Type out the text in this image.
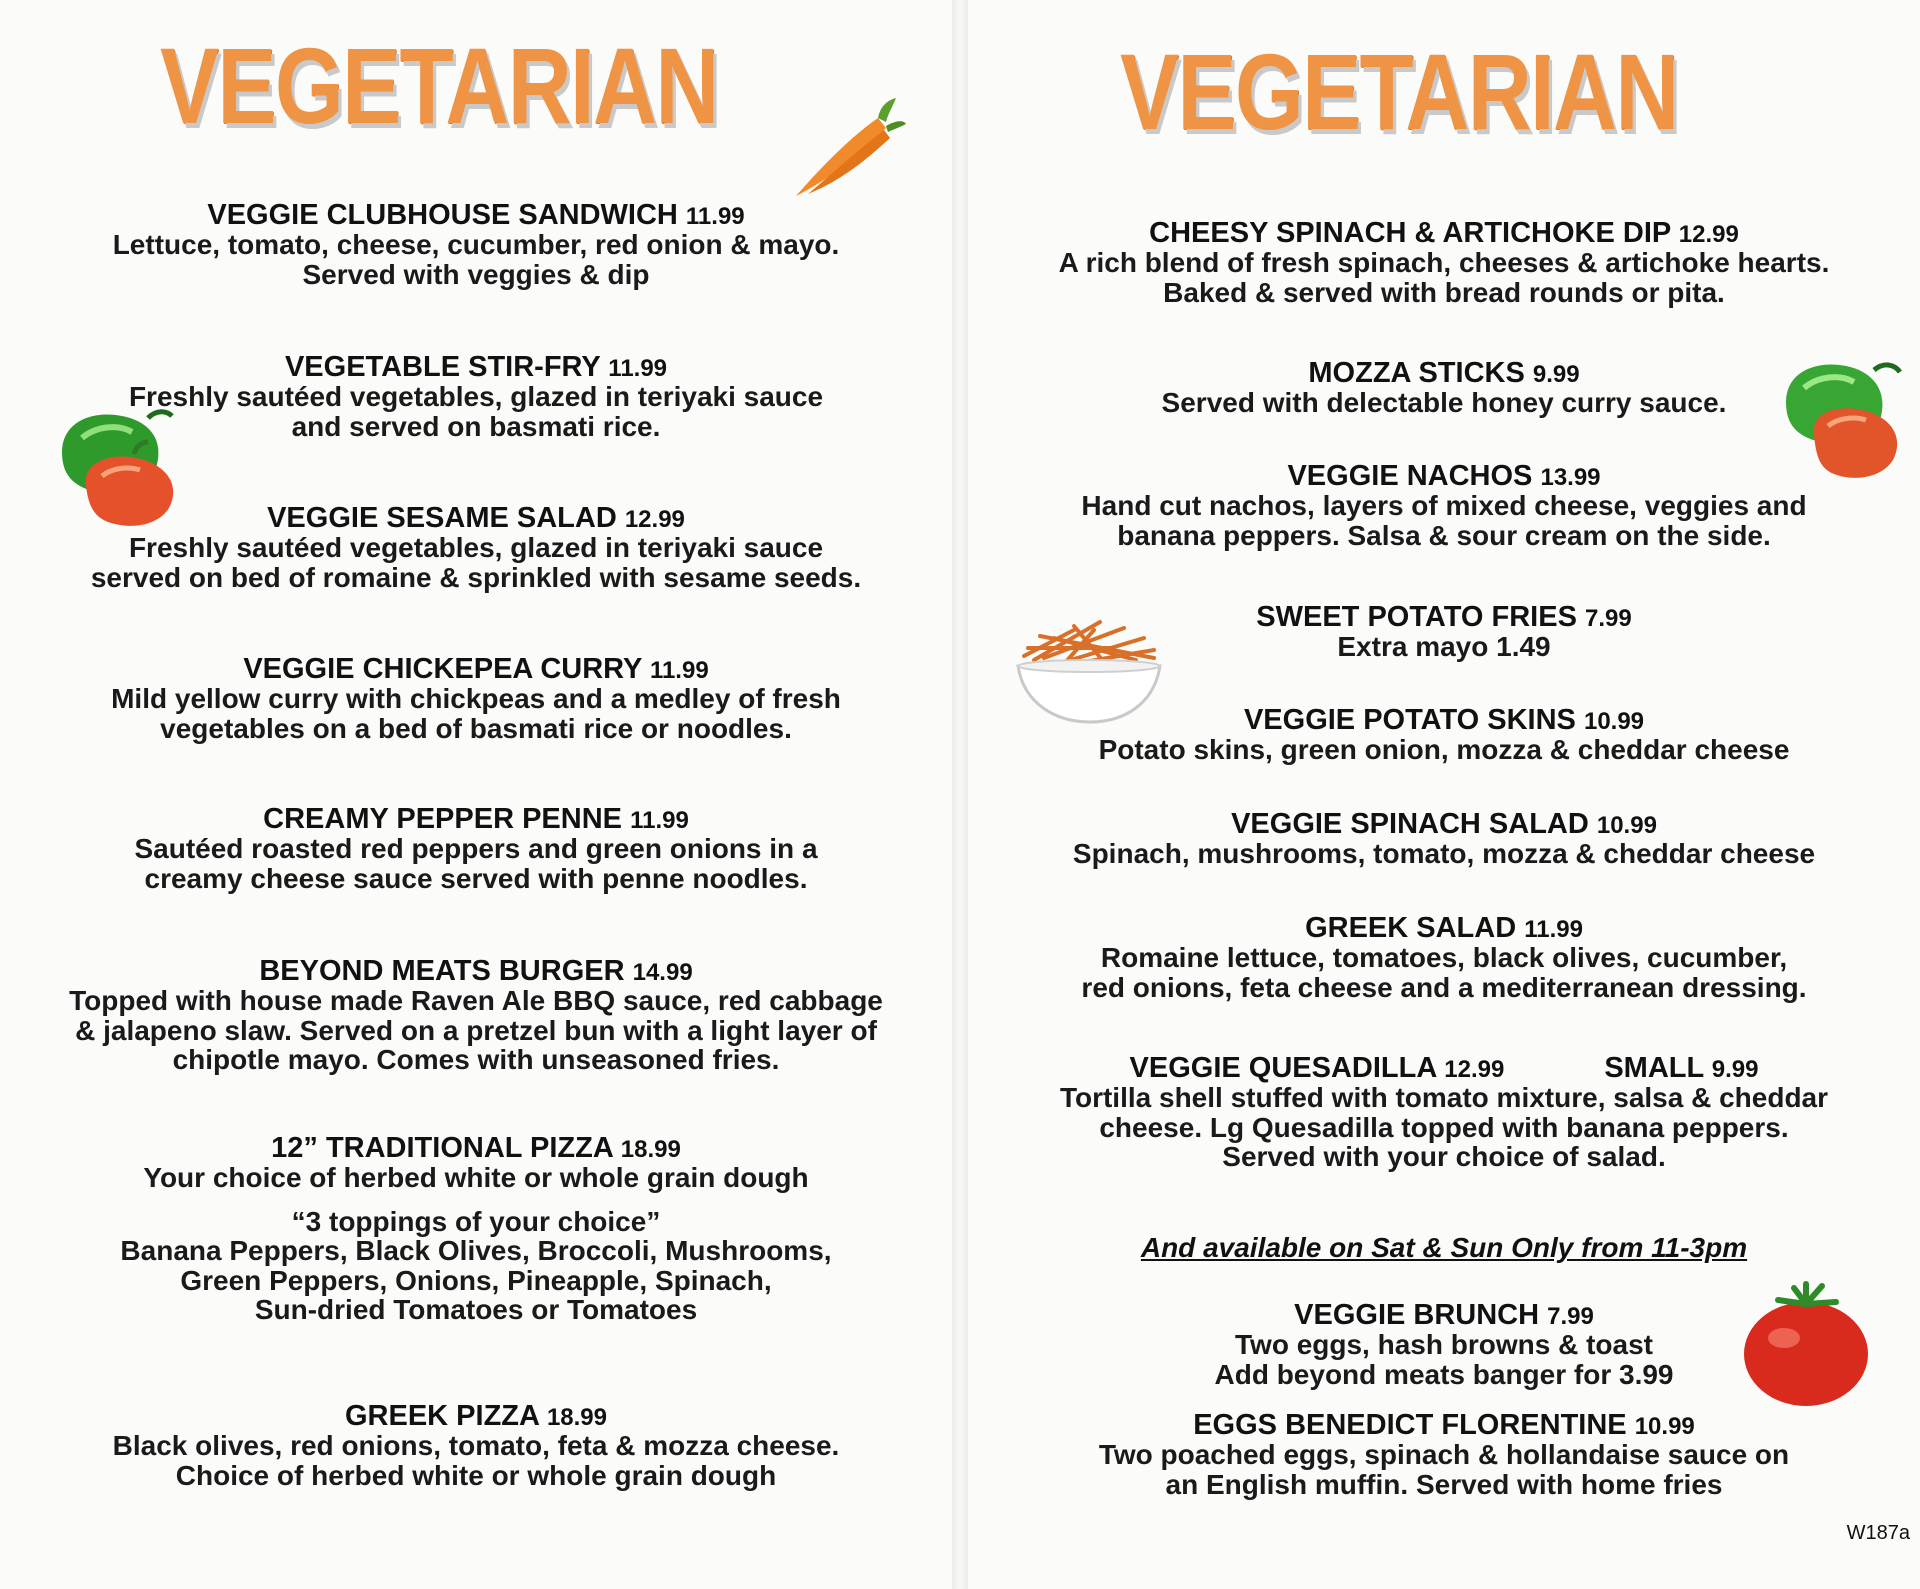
VEGETARIAN	VEGETARIAN
VEGGIE CLUBHOUSE SANDWICH 11.99
Lettuce, tomato, cheese, cucumber, red onion & mayo.
Served with veggies & dip
VEGETABLE STIR-FRY 11.99
Freshly sautéed vegetables, glazed in teriyaki sauce
and served on basmati rice.
VEGGIE SESAME SALAD 12.99
Freshly sautéed vegetables, glazed in teriyaki sauce
served on bed of romaine & sprinkled with sesame seeds.
VEGGIE CHICKEPEA CURRY 11.99
Mild yellow curry with chickpeas and a medley of fresh
vegetables on a bed of basmati rice or noodles.
CREAMY PEPPER PENNE 11.99
Sautéed roasted red peppers and green onions in a
creamy cheese sauce served with penne noodles.
BEYOND MEATS BURGER 14.99
Topped with house made Raven Ale BBQ sauce, red cabbage
& jalapeno slaw. Served on a pretzel bun with a light layer of
chipotle mayo. Comes with unseasoned fries.
12” TRADITIONAL PIZZA 18.99
Your choice of herbed white or whole grain dough
“3 toppings of your choice”
Banana Peppers, Black Olives, Broccoli, Mushrooms,
Green Peppers, Onions, Pineapple, Spinach,
Sun-dried Tomatoes or Tomatoes
GREEK PIZZA 18.99
Black olives, red onions, tomato, feta & mozza cheese.
Choice of herbed white or whole grain dough
CHEESY SPINACH & ARTICHOKE DIP 12.99
A rich blend of fresh spinach, cheeses & artichoke hearts.
Baked & served with bread rounds or pita.
MOZZA STICKS 9.99
Served with delectable honey curry sauce.
VEGGIE NACHOS 13.99
Hand cut nachos, layers of mixed cheese, veggies and
banana peppers. Salsa & sour cream on the side.
SWEET POTATO FRIES 7.99
Extra mayo 1.49
VEGGIE POTATO SKINS 10.99
Potato skins, green onion, mozza & cheddar cheese
VEGGIE SPINACH SALAD 10.99
Spinach, mushrooms, tomato, mozza & cheddar cheese
GREEK SALAD 11.99
Romaine lettuce, tomatoes, black olives, cucumber,
red onions, feta cheese and a mediterranean dressing.
VEGGIE QUESADILLA 12.99	SMALL 9.99
Tortilla shell stuffed with tomato mixture, salsa & cheddar
cheese. Lg Quesadilla topped with banana peppers.
Served with your choice of salad.
And available on Sat & Sun Only from 11-3pm
VEGGIE BRUNCH 7.99
Two eggs, hash browns & toast
Add beyond meats banger for 3.99
EGGS BENEDICT FLORENTINE 10.99
Two poached eggs, spinach & hollandaise sauce on
an English muffin. Served with home fries
W187a
